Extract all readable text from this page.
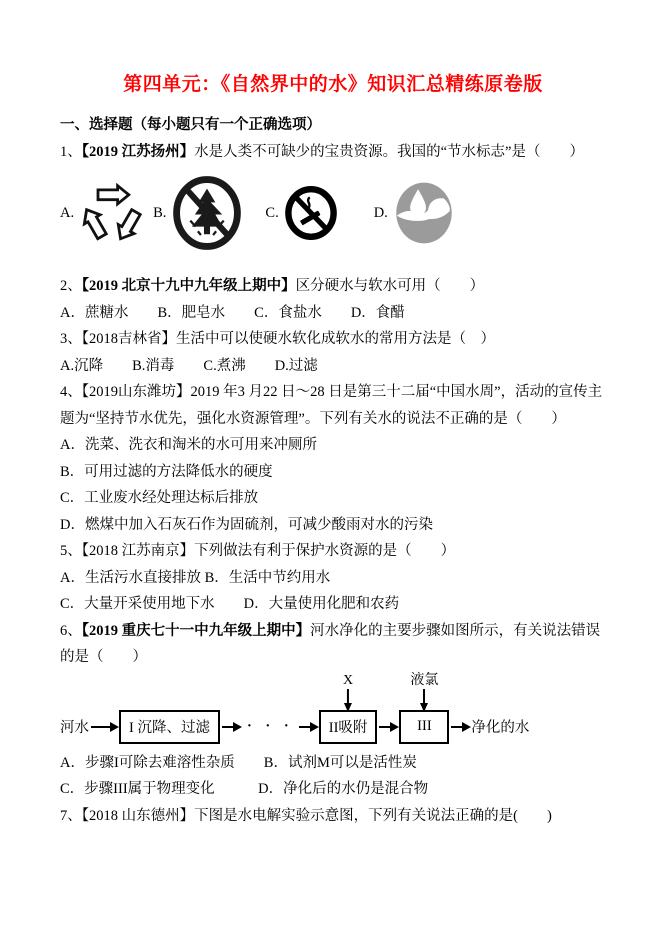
第四单元：《自然界中的水》知识汇总精练原卷版
一、选择题（每小题只有一个正确选项）
1、【2019 江苏扬州】水是人类不可缺少的宝贵资源。我国的“节水标志”是（　　）
A.	B.	C.	D.
2、【2019 北京十九中九年级上期中】区分硬水与软水可用（　　）
A．蔗糖水　　B．肥皂水　　C．食盐水　　D．食醋
3、【2018吉林省】生活中可以使硬水软化成软水的常用方法是（　）
A.沉降　　B.消毒　　C.煮沸　　D.过滤
4、【2019山东潍坊】2019 年3 月22 日～28 日是第三十二届“中国水周”，活动的宣传主题为“坚持节水优先，强化水资源管理”。下列有关水的说法不正确的是（　　）
A．洗菜、洗衣和淘米的水可用来冲厕所
B．可用过滤的方法降低水的硬度
C．工业废水经处理达标后排放
D．燃煤中加入石灰石作为固硫剂，可减少酸雨对水的污染
5、【2018 江苏南京】下列做法有利于保护水资源的是（　　）
A．生活污水直接排放 B．生活中节约用水
C．大量开采使用地下水　　D．大量使用化肥和农药
6、【2019 重庆七十一中九年级上期中】河水净化的主要步骤如图所示，有关说法错误的是（　　）
河水	I 沉降、过滤	· · ·
X
II吸附
液氯
III	净化的水
A．步骤I可除去难溶性杂质　　B．试剂M可以是活性炭
C．步骤III属于物理变化　　　D．净化后的水仍是混合物
7、【2018 山东德州】下图是水电解实验示意图，下列有关说法正确的是(　　)
